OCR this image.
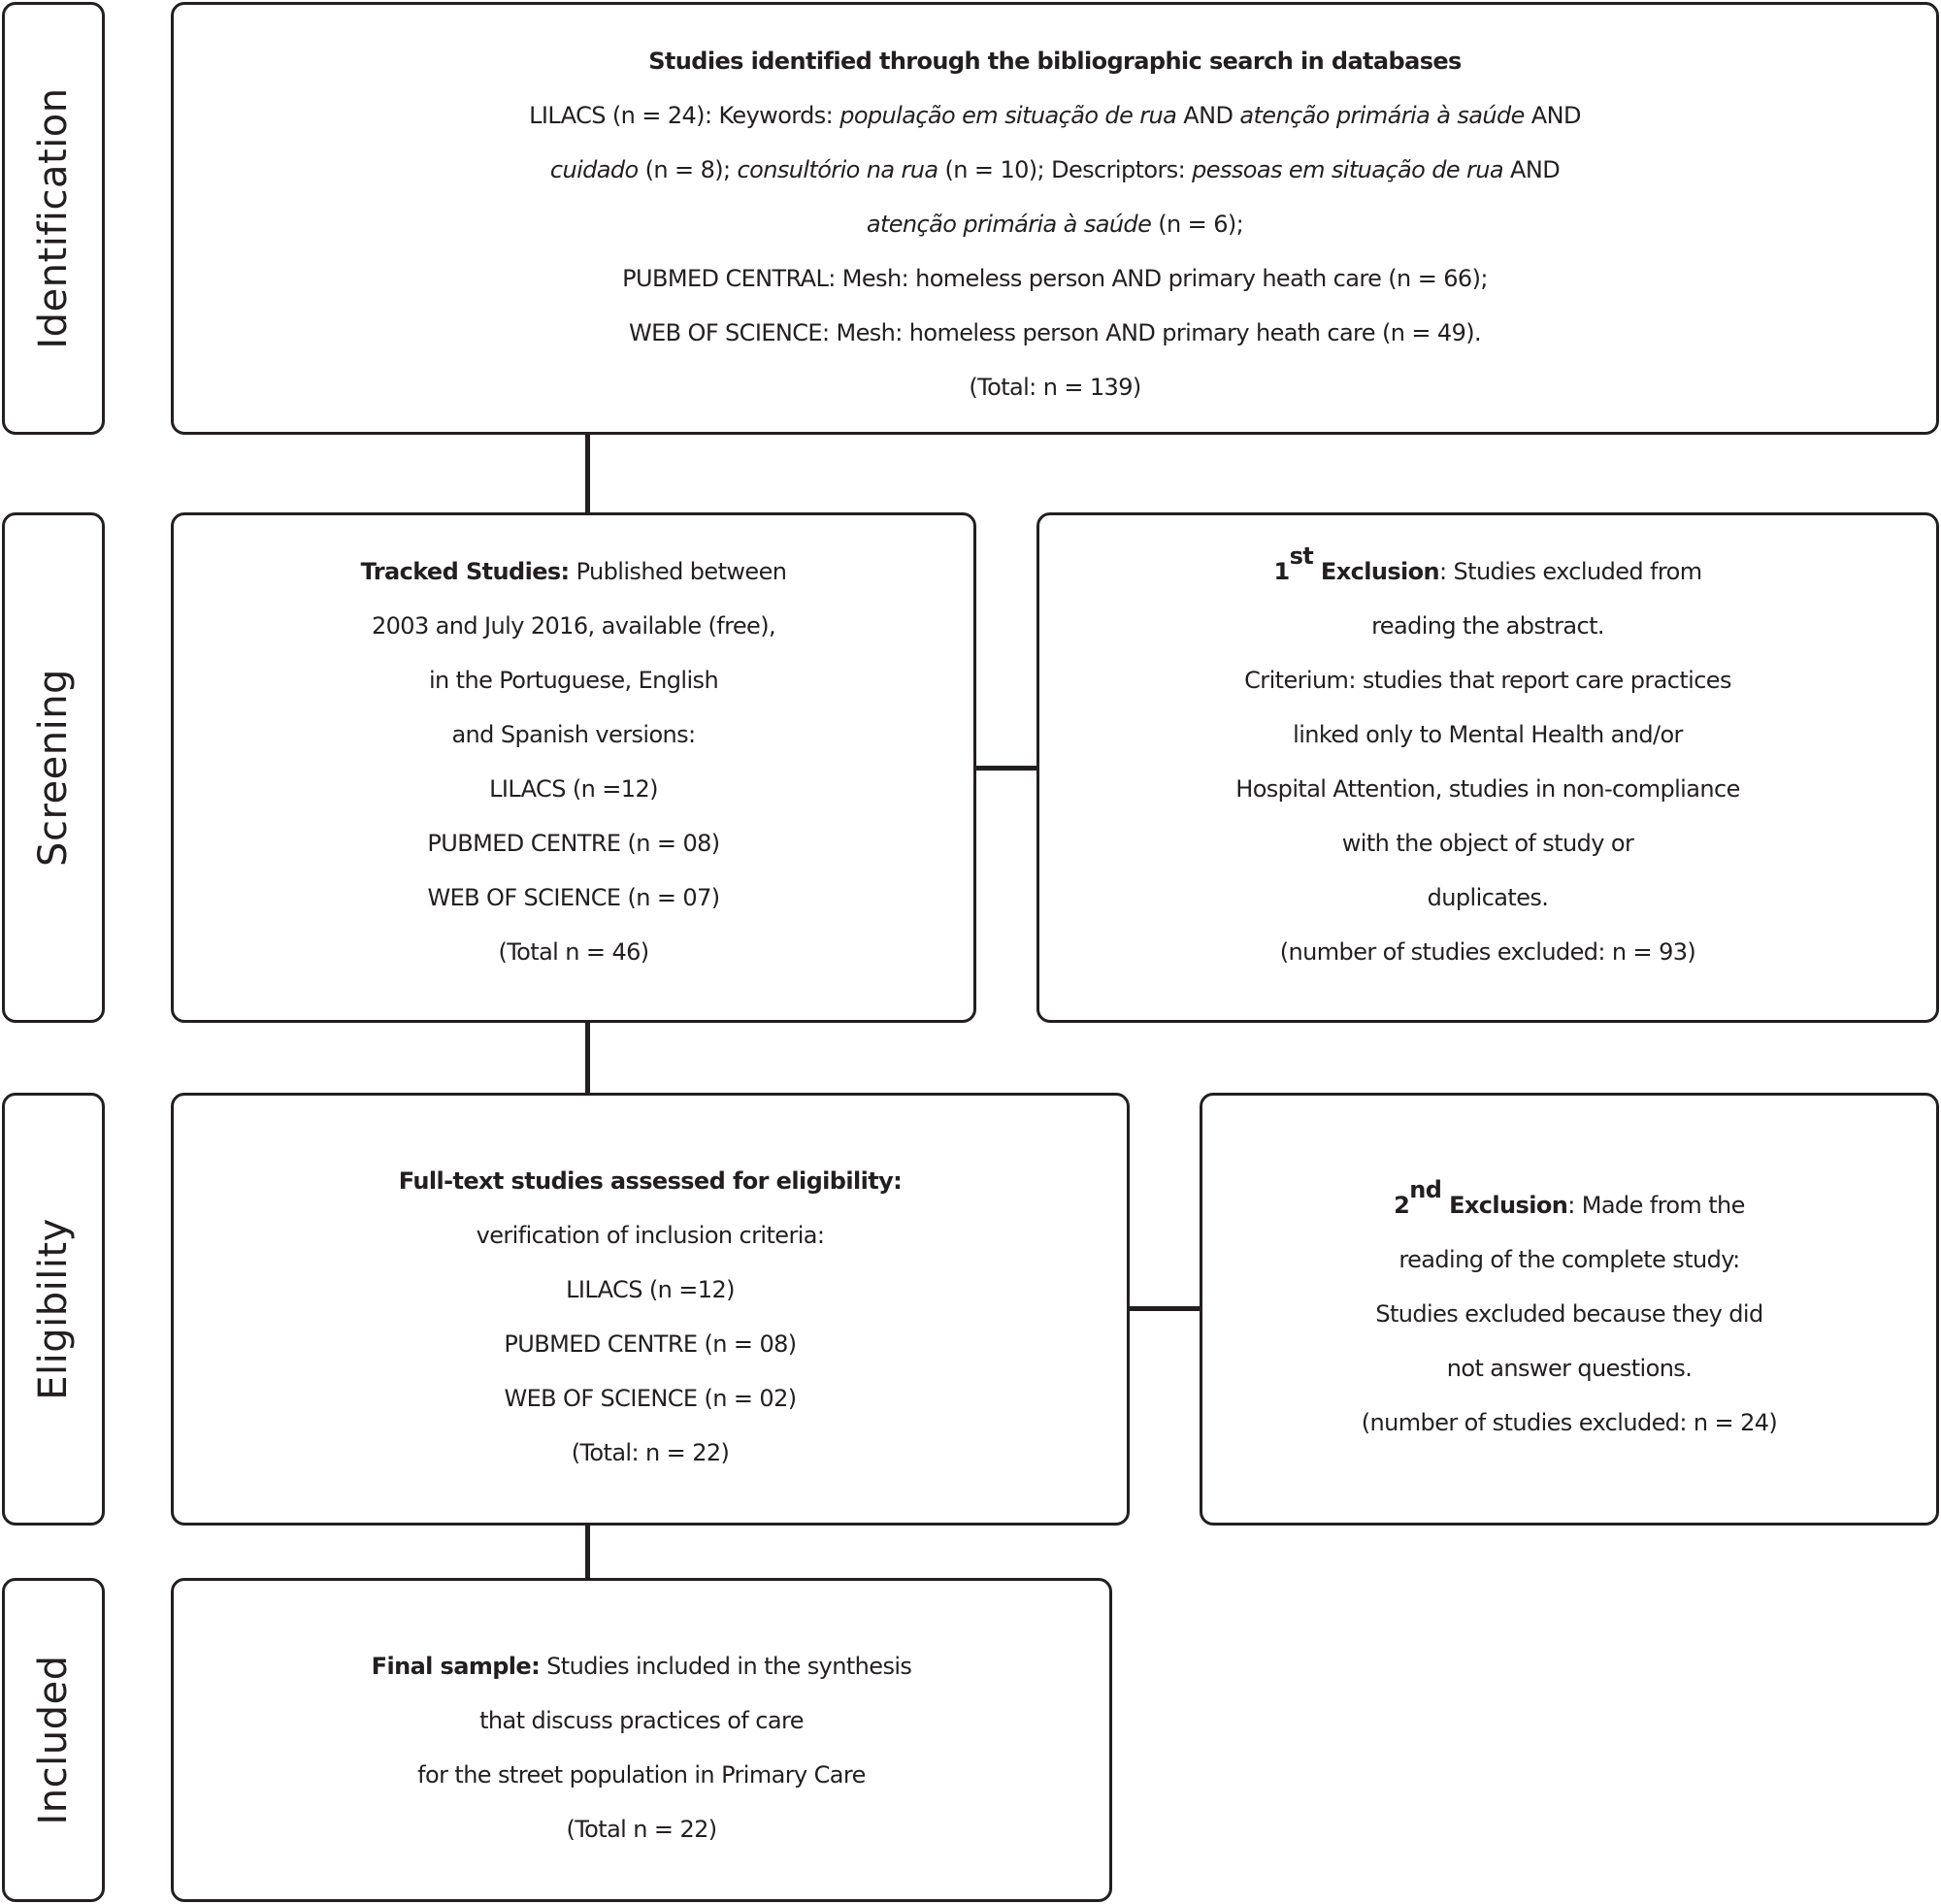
Identification
Screening
Eligibility
Included

Studies identified through the bibliographic search in databases

LILACS (n = 24): Keywords: população em situação de rua AND atenção primária à saúde AND

cuidado (n = 8); consultório na rua (n = 10); Descriptors: pessoas em situação de rua AND

atenção primária à saúde (n = 6);

PUBMED CENTRAL: Mesh: homeless person AND primary heath care (n = 66);

WEB OF SCIENCE: Mesh: homeless person AND primary heath care (n = 49).

(Total: n = 139)

Tracked Studies: Published between

2003 and July 2016, available (free),

in the Portuguese, English

and Spanish versions:

LILACS (n =12)

PUBMED CENTRE (n = 08)

WEB OF SCIENCE (n = 07)

(Total n = 46)

1st Exclusion: Studies excluded from

reading the abstract.

Criterium: studies that report care practices

linked only to Mental Health and/or

Hospital Attention, studies in non-compliance

with the object of study or

duplicates.

(number of studies excluded: n = 93)

Full-text studies assessed for eligibility:

verification of inclusion criteria:

LILACS (n =12)

PUBMED CENTRE (n = 08)

WEB OF SCIENCE (n = 02)

(Total: n = 22)

2nd Exclusion: Made from the

reading of the complete study:

Studies excluded because they did

not answer questions.

(number of studies excluded: n = 24)

Final sample: Studies included in the synthesis

that discuss practices of care

for the street population in Primary Care

(Total n = 22)
